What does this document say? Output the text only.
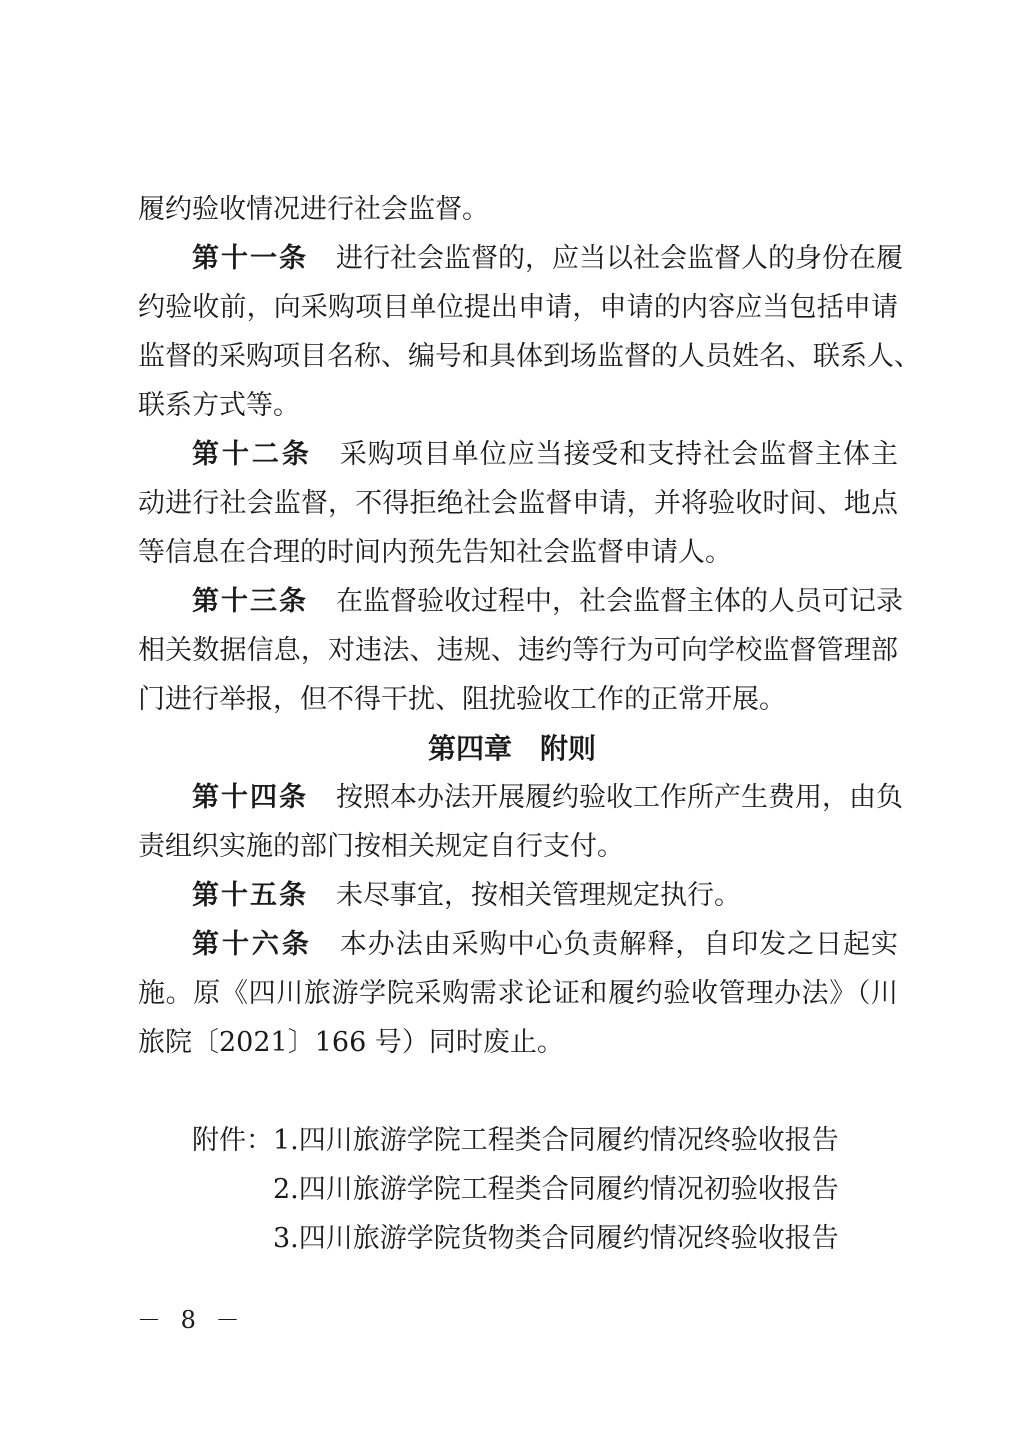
履约验收情况进行社会监督。
第十一条 进行社会监督的，应当以社会监督人的身份在履
约验收前，向采购项目单位提出申请，申请的内容应当包括申请
监督的采购项目名称、编号和具体到场监督的人员姓名、联系人、
联系方式等。
第十二条 采购项目单位应当接受和支持社会监督主体主
动进行社会监督，不得拒绝社会监督申请，并将验收时间、地点
等信息在合理的时间内预先告知社会监督申请人。
第十三条 在监督验收过程中，社会监督主体的人员可记录
相关数据信息，对违法、违规、违约等行为可向学校监督管理部
门进行举报，但不得干扰、阻扰验收工作的正常开展。
第四章 附则
第十四条 按照本办法开展履约验收工作所产生费用，由负
责组织实施的部门按相关规定自行支付。
第十五条 未尽事宜，按相关管理规定执行。
第十六条 本办法由采购中心负责解释，自印发之日起实
施。原《四川旅游学院采购需求论证和履约验收管理办法》（川
旅院〔2021〕166 号）同时废止。
附件： 1.四川旅游学院工程类合同履约情况终验收报告
2.四川旅游学院工程类合同履约情况初验收报告
3.四川旅游学院货物类合同履约情况终验收报告
－ 8 －
